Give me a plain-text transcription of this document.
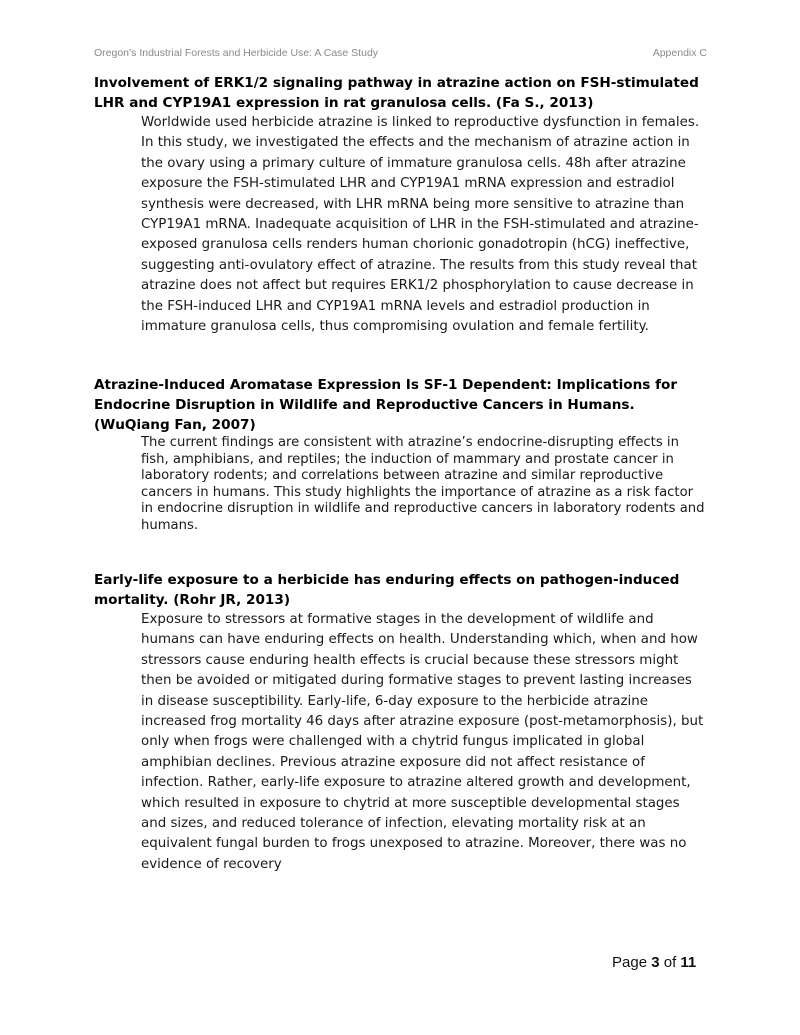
Oregon’s Industrial Forests and Herbicide Use: A Case Study	Appendix C

Involvement of ERK1/2 signaling pathway in atrazine action on FSH-stimulated LHR and CYP19A1 expression in rat granulosa cells. (Fa S., 2013)

Worldwide used herbicide atrazine is linked to reproductive dysfunction in females. In this study, we investigated the effects and the mechanism of atrazine action in the ovary using a primary culture of immature granulosa cells. 48h after atrazine exposure the FSH-stimulated LHR and CYP19A1 mRNA expression and estradiol synthesis were decreased, with LHR mRNA being more sensitive to atrazine than CYP19A1 mRNA. Inadequate acquisition of LHR in the FSH-stimulated and atrazine-exposed granulosa cells renders human chorionic gonadotropin (hCG) ineffective, suggesting anti-ovulatory effect of atrazine. The results from this study reveal that atrazine does not affect but requires ERK1/2 phosphorylation to cause decrease in the FSH-induced LHR and CYP19A1 mRNA levels and estradiol production in immature granulosa cells, thus compromising ovulation and female fertility.

Atrazine-Induced Aromatase Expression Is SF-1 Dependent: Implications for Endocrine Disruption in Wildlife and Reproductive Cancers in Humans. (WuQiang Fan, 2007)

The current findings are consistent with atrazine’s endocrine-disrupting effects in fish, amphibians, and reptiles; the induction of mammary and prostate cancer in laboratory rodents; and correlations between atrazine and similar reproductive cancers in humans. This study highlights the importance of atrazine as a risk factor in endocrine disruption in wildlife and reproductive cancers in laboratory rodents and humans.

Early-life exposure to a herbicide has enduring effects on pathogen-induced mortality. (Rohr JR, 2013)

Exposure to stressors at formative stages in the development of wildlife and humans can have enduring effects on health. Understanding which, when and how stressors cause enduring health effects is crucial because these stressors might then be avoided or mitigated during formative stages to prevent lasting increases in disease susceptibility. Early-life, 6-day exposure to the herbicide atrazine increased frog mortality 46 days after atrazine exposure (post-metamorphosis), but only when frogs were challenged with a chytrid fungus implicated in global amphibian declines. Previous atrazine exposure did not affect resistance of infection. Rather, early-life exposure to atrazine altered growth and development, which resulted in exposure to chytrid at more susceptible developmental stages and sizes, and reduced tolerance of infection, elevating mortality risk at an equivalent fungal burden to frogs unexposed to atrazine. Moreover, there was no evidence of recovery

Page 3 of 11
